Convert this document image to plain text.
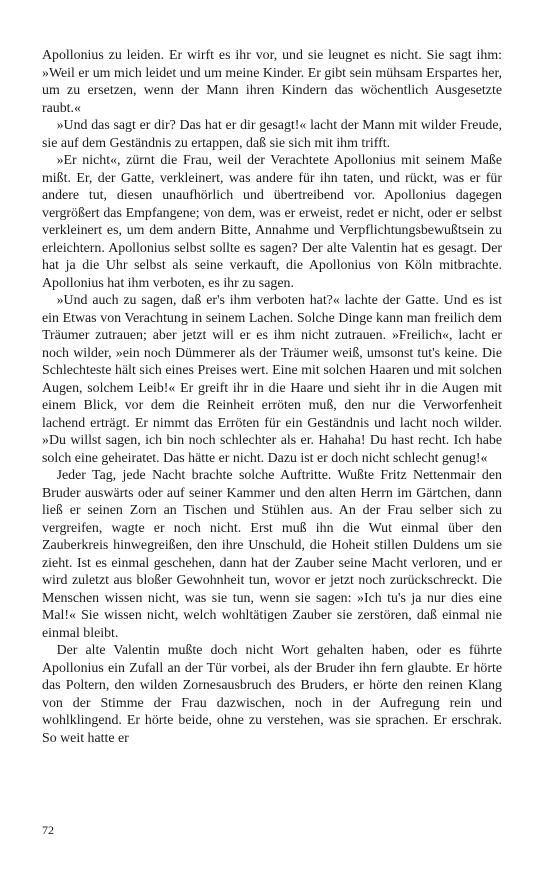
Apollonius zu leiden. Er wirft es ihr vor, und sie leugnet es nicht. Sie sagt ihm: »Weil er um mich leidet und um meine Kinder. Er gibt sein mühsam Erspartes her, um zu ersetzen, wenn der Mann ihren Kindern das wöchentlich Ausgesetzte raubt.«

»Und das sagt er dir? Das hat er dir gesagt!« lacht der Mann mit wilder Freude, sie auf dem Geständnis zu ertappen, daß sie sich mit ihm trifft.

»Er nicht«, zürnt die Frau, weil der Verachtete Apollonius mit seinem Maße mißt. Er, der Gatte, verkleinert, was andere für ihn taten, und rückt, was er für andere tut, diesen unaufhörlich und übertreibend vor. Apollonius dagegen vergrößert das Empfangene; von dem, was er erweist, redet er nicht, oder er selbst verkleinert es, um dem andern Bitte, Annahme und Verpflichtungsbewußtsein zu erleichtern. Apollonius selbst sollte es sagen? Der alte Valentin hat es gesagt. Der hat ja die Uhr selbst als seine verkauft, die Apollonius von Köln mitbrachte. Apollonius hat ihm verboten, es ihr zu sagen.

»Und auch zu sagen, daß er's ihm verboten hat?« lachte der Gatte. Und es ist ein Etwas von Verachtung in seinem Lachen. Solche Dinge kann man freilich dem Träumer zutrauen; aber jetzt will er es ihm nicht zutrauen. »Freilich«, lacht er noch wilder, »ein noch Dümmerer als der Träumer weiß, umsonst tut's keine. Die Schlechteste hält sich eines Preises wert. Eine mit solchen Haaren und mit solchen Augen, solchem Leib!« Er greift ihr in die Haare und sieht ihr in die Augen mit einem Blick, vor dem die Reinheit erröten muß, den nur die Verworfenheit lachend erträgt. Er nimmt das Erröten für ein Geständnis und lacht noch wilder. »Du willst sagen, ich bin noch schlechter als er. Hahaha! Du hast recht. Ich habe solch eine geheiratet. Das hätte er nicht. Dazu ist er doch nicht schlecht genug!«

Jeder Tag, jede Nacht brachte solche Auftritte. Wußte Fritz Nettenmair den Bruder auswärts oder auf seiner Kammer und den alten Herrn im Gärtchen, dann ließ er seinen Zorn an Tischen und Stühlen aus. An der Frau selber sich zu vergreifen, wagte er noch nicht. Erst muß ihn die Wut einmal über den Zauberkreis hinwegreißen, den ihre Unschuld, die Hoheit stillen Duldens um sie zieht. Ist es einmal geschehen, dann hat der Zauber seine Macht verloren, und er wird zuletzt aus bloßer Gewohnheit tun, wovor er jetzt noch zurückschreckt. Die Menschen wissen nicht, was sie tun, wenn sie sagen: »Ich tu's ja nur dies eine Mal!« Sie wissen nicht, welch wohltätigen Zauber sie zerstören, daß einmal nie einmal bleibt.

Der alte Valentin mußte doch nicht Wort gehalten haben, oder es führte Apollonius ein Zufall an der Tür vorbei, als der Bruder ihn fern glaubte. Er hörte das Poltern, den wilden Zornesausbruch des Bruders, er hörte den reinen Klang von der Stimme der Frau dazwischen, noch in der Aufregung rein und wohlklingend. Er hörte beide, ohne zu verstehen, was sie sprachen. Er erschrak. So weit hatte er

72
